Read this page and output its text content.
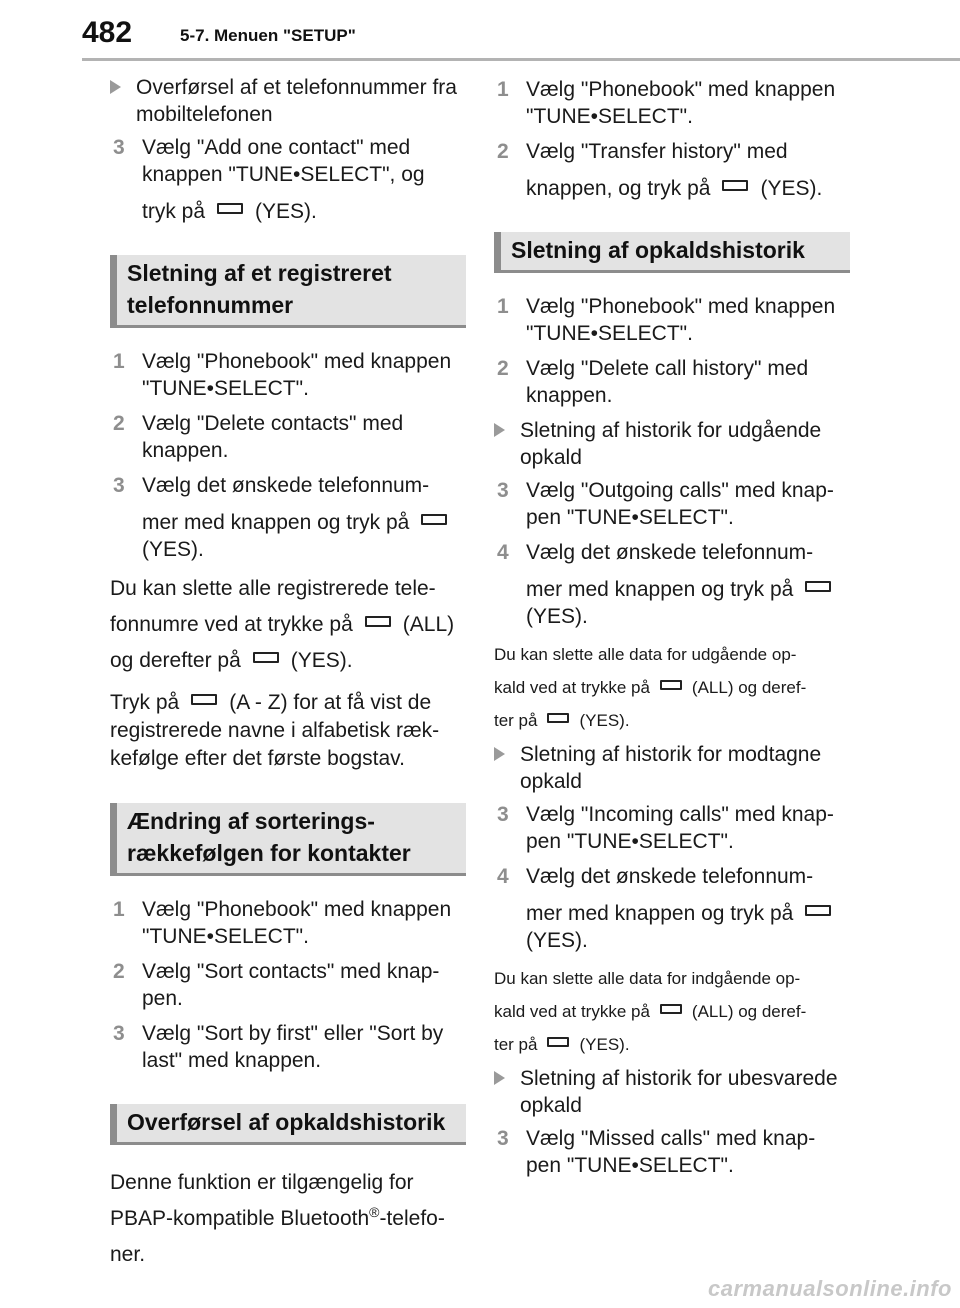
482	5-7. Menuen "SETUP"
Overførsel af et telefonnummer fra mobiltelefonen
3 Vælg "Add one contact" med knappen "TUNE•SELECT", og
tryk på (YES).
Sletning af et registreret telefonnummer
1 Vælg "Phonebook" med knappen "TUNE•SELECT".
2 Vælg "Delete contacts" med knappen.
3 Vælg det ønskede telefonnum-
mer med knappen og tryk på
(YES).
Du kan slette alle registrerede tele-
fonnumre ved at trykke på (ALL)
og derefter på (YES).
Tryk på (A - Z) for at få vist de registrerede navne i alfabetisk ræk-kefølge efter det første bogstav.
Ændring af sorterings-rækkefølgen for kontakter
1 Vælg "Phonebook" med knappen "TUNE•SELECT".
2 Vælg "Sort contacts" med knap-pen.
3 Vælg "Sort by first" eller "Sort by last" med knappen.
Overførsel af opkaldshistorik
Denne funktion er tilgængelig for
PBAP-kompatible Bluetooth®-telefo-
ner.
1 Vælg "Phonebook" med knappen "TUNE•SELECT".
2 Vælg "Transfer history" med
knappen, og tryk på (YES).
Sletning af opkaldshistorik
1 Vælg "Phonebook" med knappen "TUNE•SELECT".
2 Vælg "Delete call history" med knappen.
Sletning af historik for udgående opkald
3 Vælg "Outgoing calls" med knap-pen "TUNE•SELECT".
4 Vælg det ønskede telefonnum-
mer med knappen og tryk på
(YES).
Du kan slette alle data for udgående op-
kald ved at trykke på (ALL) og deref-
ter på (YES).
Sletning af historik for modtagne opkald
3 Vælg "Incoming calls" med knap-pen "TUNE•SELECT".
4 Vælg det ønskede telefonnum-
mer med knappen og tryk på
(YES).
Du kan slette alle data for indgående op-
kald ved at trykke på (ALL) og deref-
ter på (YES).
Sletning af historik for ubesvarede opkald
3 Vælg "Missed calls" med knap-pen "TUNE•SELECT".
carmanualsonline.info
